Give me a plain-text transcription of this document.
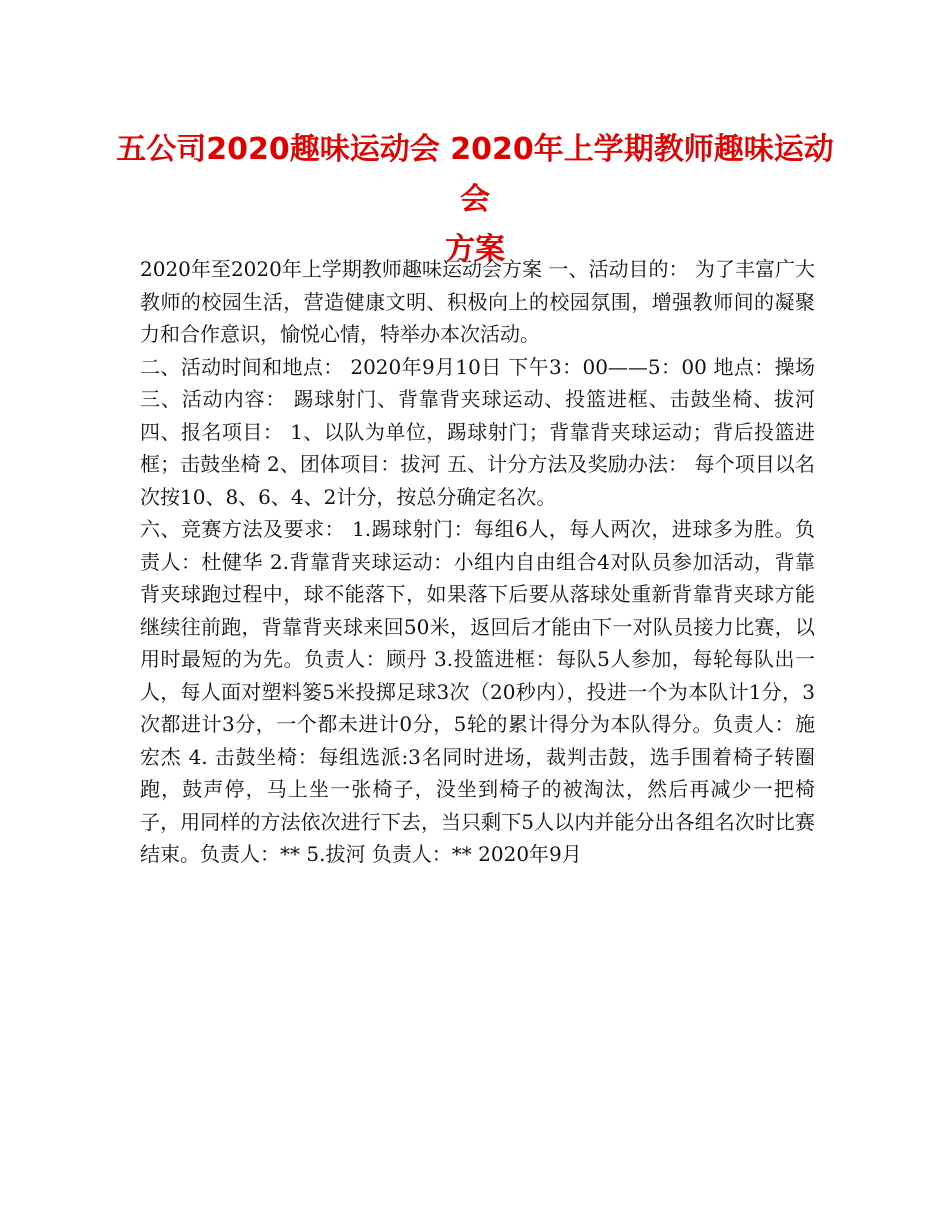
五公司2020趣味运动会 2020年上学期教师趣味运动会
方案

2020年至2020年上学期教师趣味运动会方案 一、活动目的： 为了丰富广大教师的校园生活，营造健康文明、积极向上的校园氛围，增强教师间的凝聚力和合作意识，愉悦心情，特举办本次活动。

二、活动时间和地点： 2020年9月10日 下午3：00——5：00 地点：操场 三、活动内容： 踢球射门、背靠背夹球运动、投篮进框、击鼓坐椅、拔河 四、报名项目： 1、以队为单位，踢球射门；背靠背夹球运动；背后投篮进框；击鼓坐椅 2、团体项目：拔河 五、计分方法及奖励办法： 每个项目以名次按10、8、6、4、2计分，按总分确定名次。

六、竞赛方法及要求： 1.踢球射门：每组6人，每人两次，进球多为胜。负责人：杜健华 2.背靠背夹球运动：小组内自由组合4对队员参加活动，背靠背夹球跑过程中，球不能落下，如果落下后要从落球处重新背靠背夹球方能继续往前跑，背靠背夹球来回50米，返回后才能由下一对队员接力比赛，以用时最短的为先。负责人：顾丹 3.投篮进框：每队5人参加，每轮每队出一人，每人面对塑料篓5米投掷足球3次（20秒内），投进一个为本队计1分，3次都进计3分，一个都未进计0分，5轮的累计得分为本队得分。负责人：施宏杰 4. 击鼓坐椅：每组选派:3名同时进场，裁判击鼓，选手围着椅子转圈跑，鼓声停，马上坐一张椅子，没坐到椅子的被淘汰，然后再减少一把椅子，用同样的方法依次进行下去，当只剩下5人以内并能分出各组名次时比赛结束。负责人：** 5.拔河 负责人：** 2020年9月
